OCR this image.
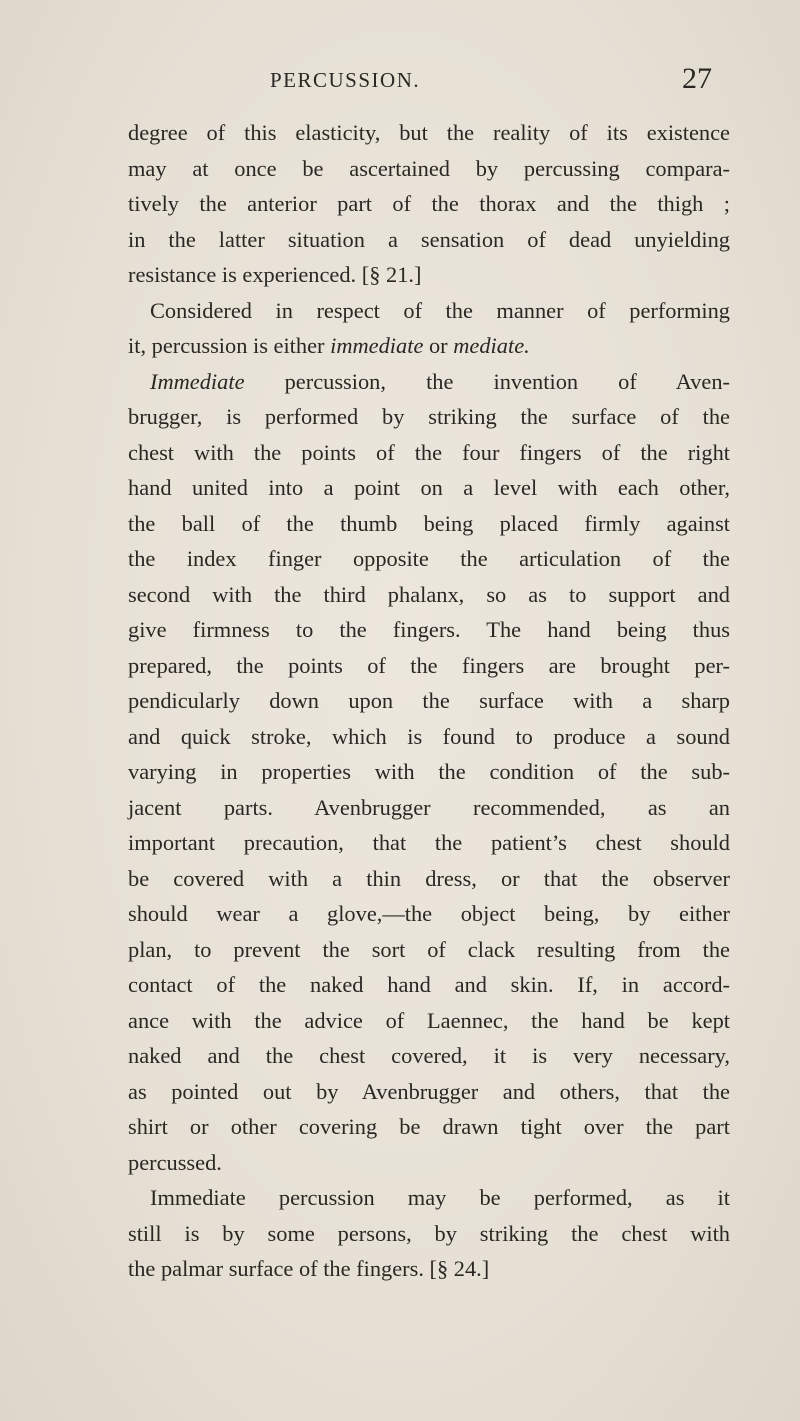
PERCUSSION.	27
degree of this elasticity, but the reality of its existence
may at once be ascertained by percussing compara-
tively the anterior part of the thorax and the thigh ;
in the latter situation a sensation of dead unyielding
resistance is experienced. [§ 21.]
Considered in respect of the manner of performing
it, percussion is either immediate or mediate.
Immediate percussion, the invention of Aven-
brugger, is performed by striking the surface of the
chest with the points of the four fingers of the right
hand united into a point on a level with each other,
the ball of the thumb being placed firmly against
the index finger opposite the articulation of the
second with the third phalanx, so as to support and
give firmness to the fingers. The hand being thus
prepared, the points of the fingers are brought per-
pendicularly down upon the surface with a sharp
and quick stroke, which is found to produce a sound
varying in properties with the condition of the sub-
jacent parts. Avenbrugger recommended, as an
important precaution, that the patient’s chest should
be covered with a thin dress, or that the observer
should wear a glove,—the object being, by either
plan, to prevent the sort of clack resulting from the
contact of the naked hand and skin. If, in accord-
ance with the advice of Laennec, the hand be kept
naked and the chest covered, it is very necessary,
as pointed out by Avenbrugger and others, that the
shirt or other covering be drawn tight over the part
percussed.
Immediate percussion may be performed, as it
still is by some persons, by striking the chest with
the palmar surface of the fingers. [§ 24.]
